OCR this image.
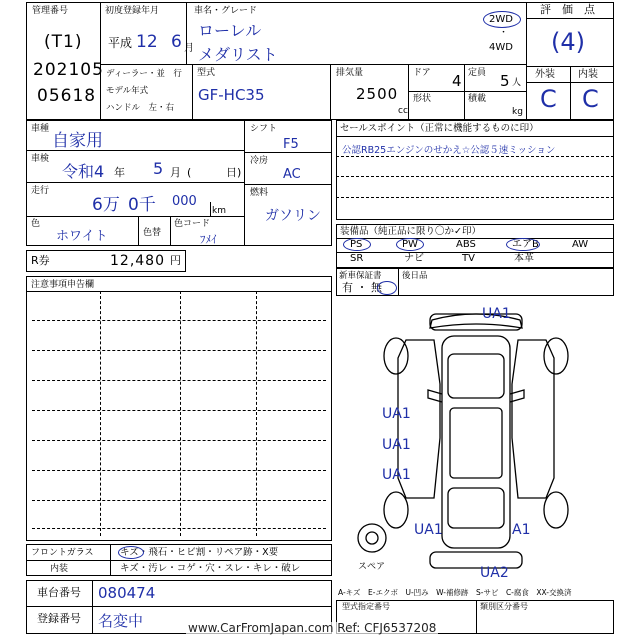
管理番号
(T1)
202105
05618
初度登録年月
平成 12 6 月
車名・グレード
ローレル
メダリスト
2WD
・
4WD
評　価　点
(4)
外装 内装
C C
ディーラー・並　行
モデル年式
ハンドル　左・右
型式
GF-HC35
排気量
2500
cc
ドア 4 定員 5 人
形状	積載
kg
車種
自家用
車検
令和4 年 5 月 (	日)
走行
6万 0千 000
km
色
ホワイト	色替
色コード
ﾌﾒｲ
シフト
F5
冷房
AC
燃料
ガソリン
R券	12,480 円
注意事項申告欄
フロントガラス	キズ・飛石・ヒビ割・リペア跡・X要
内装	キズ・汚レ・コゲ・穴・スレ・キレ・破レ
車台番号 080474
登録番号 名変中
セールスポイント（正常に機能するものに印）
公認RB25エンジンのせかえ☆公認５速ミッション
装備品（純正品に限り〇か✓印）
PS	PW	ABS	エアB	AW
SR	ナビ	TV	本革
新車保証書
有 ・ 無
後日品
UA1
UA1
UA1
UA1
UA1	A1
UA2
スペア
A-キズ　E-エクボ　U-凹み　W-補修跡　S-サビ　C-腐食　XX-交換済
型式指定番号	類別区分番号
www.CarFromJapan.com Ref: CFJ6537208
